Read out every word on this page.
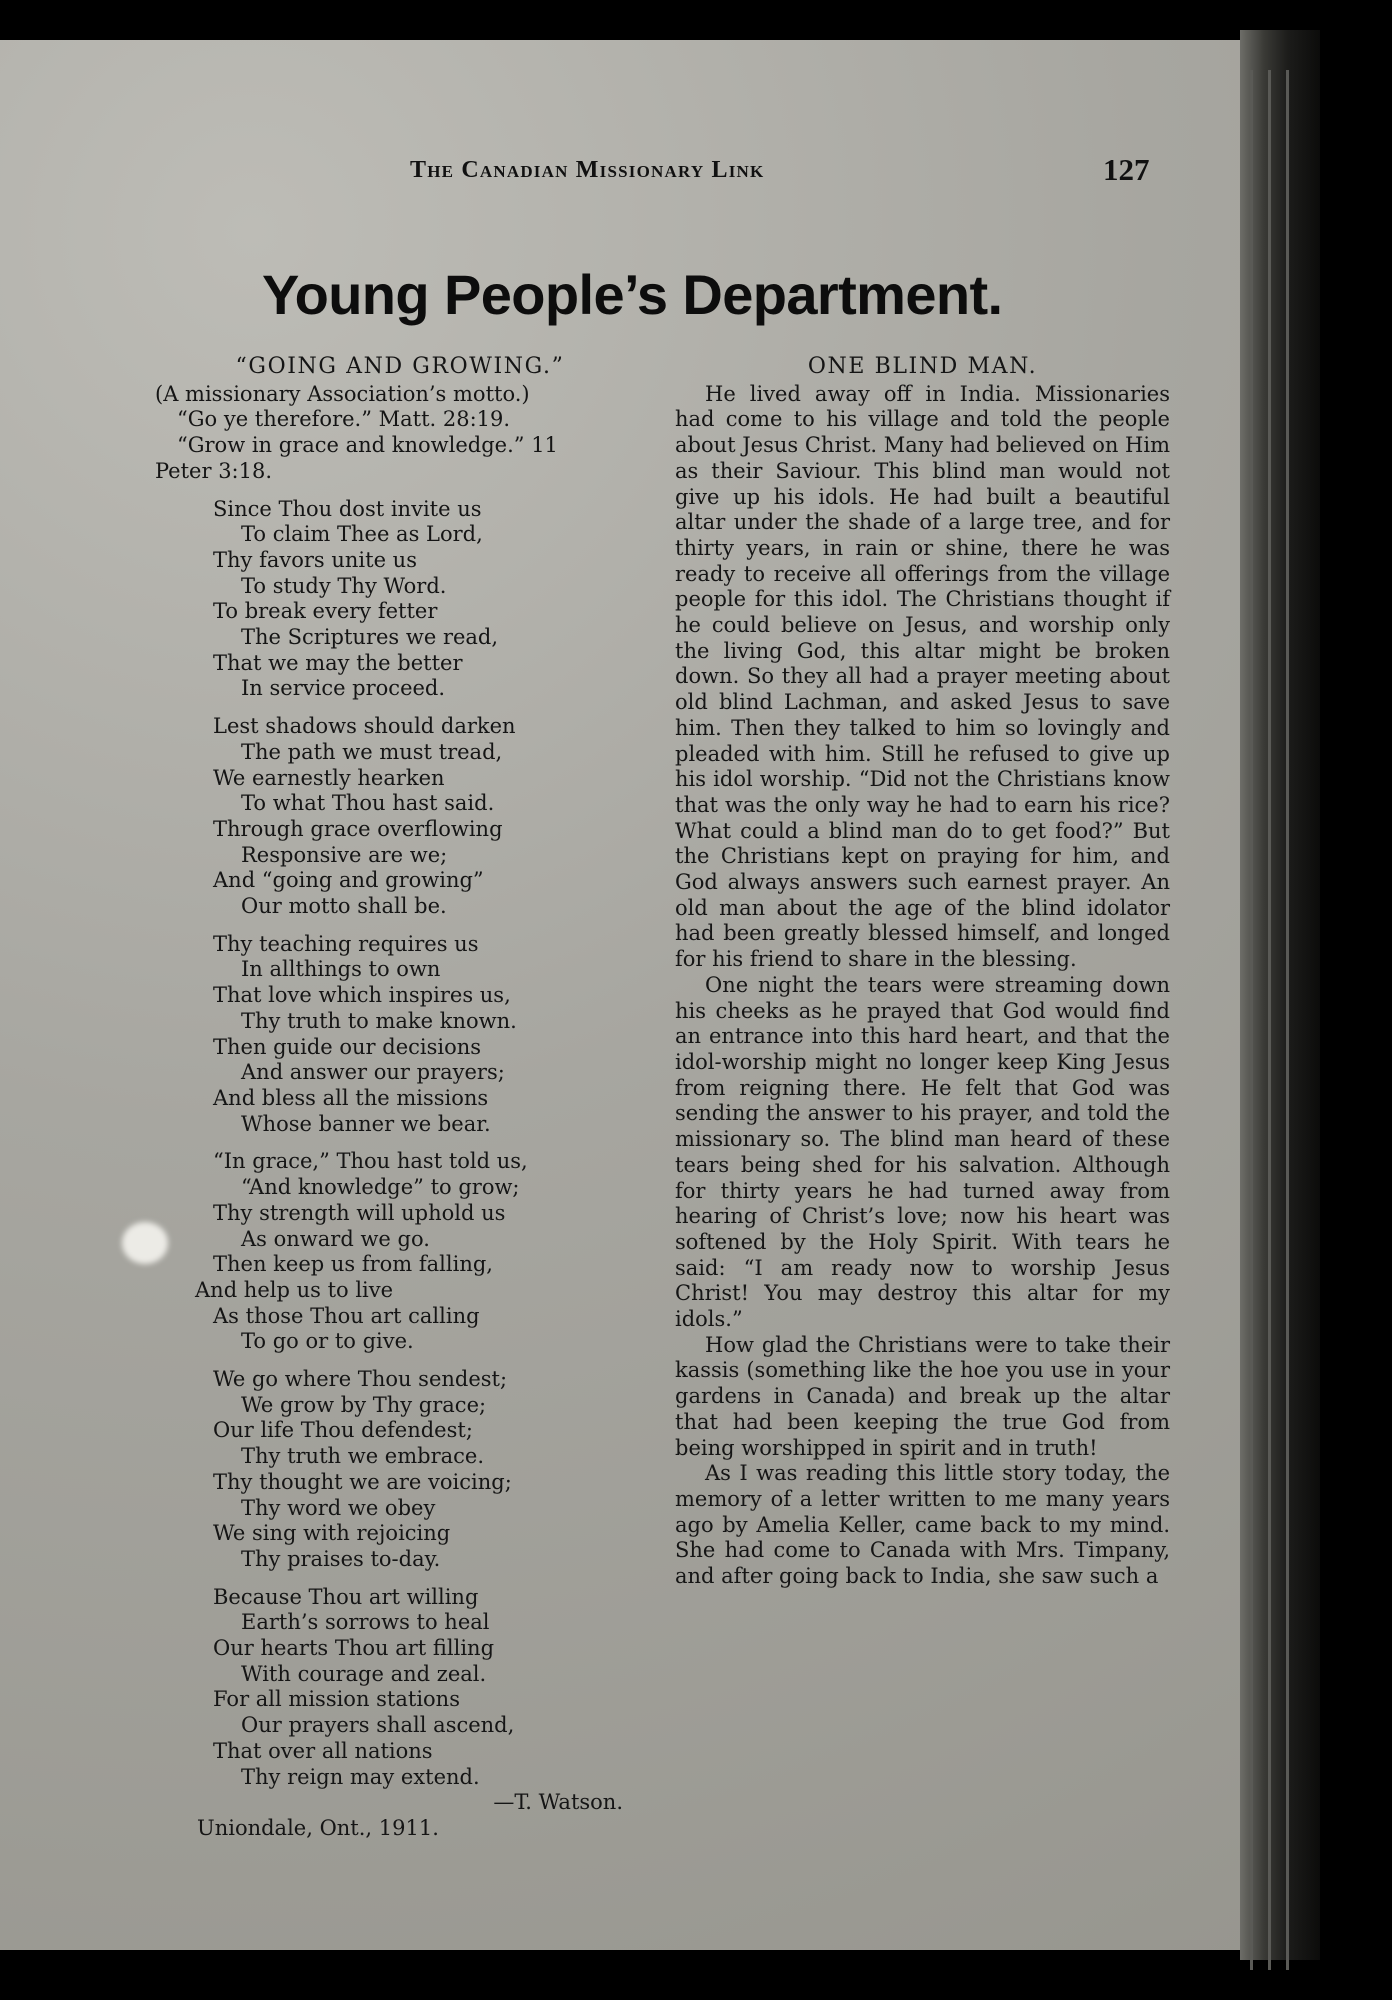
The Canadian Missionary Link	127
Young People’s Department.
“GOING AND GROWING.”
(A missionary Association’s motto.)
“Go ye therefore.” Matt. 28:19.
“Grow in grace and knowledge.” 11
Peter 3:18.
Since Thou dost invite us
To claim Thee as Lord,
Thy favors unite us
To study Thy Word.
To break every fetter
The Scriptures we read,
That we may the better
In service proceed.
Lest shadows should darken
The path we must tread,
We earnestly hearken
To what Thou hast said.
Through grace overflowing
Responsive are we;
And “going and growing”
Our motto shall be.
Thy teaching requires us
In allthings to own
That love which inspires us,
Thy truth to make known.
Then guide our decisions
And answer our prayers;
And bless all the missions
Whose banner we bear.
“In grace,” Thou hast told us,
“And knowledge” to grow;
Thy strength will uphold us
As onward we go.
Then keep us from falling,
And help us to live
As those Thou art calling
To go or to give.
We go where Thou sendest;
We grow by Thy grace;
Our life Thou defendest;
Thy truth we embrace.
Thy thought we are voicing;
Thy word we obey
We sing with rejoicing
Thy praises to-day.
Because Thou art willing
Earth’s sorrows to heal
Our hearts Thou art filling
With courage and zeal.
For all mission stations
Our prayers shall ascend,
That over all nations
Thy reign may extend.
—T. Watson.
Uniondale, Ont., 1911.
ONE BLIND MAN.

He lived away off in India. Missionaries had come to his village and told the people about Jesus Christ. Many had believed on Him as their Saviour. This blind man would not give up his idols. He had built a beautiful altar under the shade of a large tree, and for thirty years, in rain or shine, there he was ready to receive all offerings from the village people for this idol. The Christians thought if he could believe on Jesus, and worship only the living God, this altar might be broken down. So they all had a prayer meeting about old blind Lachman, and asked Jesus to save him. Then they talked to him so lovingly and pleaded with him. Still he refused to give up his idol worship. “Did not the Christians know that was the only way he had to earn his rice? What could a blind man do to get food?” But the Christians kept on praying for him, and God always answers such earnest prayer. An old man about the age of the blind idolator had been greatly blessed himself, and longed for his friend to share in the blessing.

One night the tears were streaming down his cheeks as he prayed that God would find an entrance into this hard heart, and that the idol-worship might no longer keep King Jesus from reigning there. He felt that God was sending the answer to his prayer, and told the missionary so. The blind man heard of these tears being shed for his salvation. Although for thirty years he had turned away from hearing of Christ’s love; now his heart was softened by the Holy Spirit. With tears he said: “I am ready now to worship Jesus Christ! You may destroy this altar for my idols.”

How glad the Christians were to take their kassis (something like the hoe you use in your gardens in Canada) and break up the altar that had been keeping the true God from being worshipped in spirit and in truth!

As I was reading this little story today, the memory of a letter written to me many years ago by Amelia Keller, came back to my mind. She had come to Canada with Mrs. Timpany, and after going back to India, she saw such a
